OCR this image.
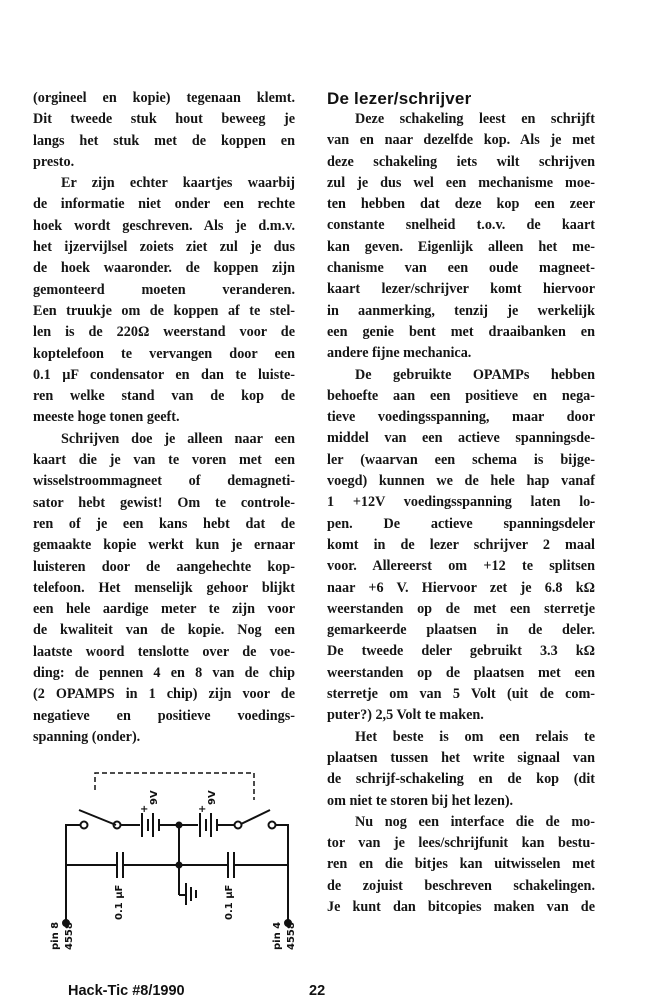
(orgineel en kopie) tegenaan klemt.
Dit tweede stuk hout beweeg je
langs het stuk met de koppen en
presto.
Er zijn echter kaartjes waarbij
de informatie niet onder een rechte
hoek wordt geschreven. Als je d.m.v.
het ijzervijlsel zoiets ziet zul je dus
de hoek waaronder. de koppen zijn
gemonteerd moeten veranderen.
Een truukje om de koppen af te stel-
len is de 220Ω weerstand voor de
koptelefoon te vervangen door een
0.1 µF condensator en dan te luiste-
ren welke stand van de kop de
meeste hoge tonen geeft.
Schrijven doe je alleen naar een
kaart die je van te voren met een
wisselstroommagneet of demagneti-
sator hebt gewist! Om te controle-
ren of je een kans hebt dat de
gemaakte kopie werkt kun je ernaar
luisteren door de aangehechte kop-
telefoon. Het menselijk gehoor blijkt
een hele aardige meter te zijn voor
de kwaliteit van de kopie. Nog een
laatste woord tenslotte over de voe-
ding: de pennen 4 en 8 van de chip
(2 OPAMPS in 1 chip) zijn voor de
negatieve en positieve voedings-
spanning (onder).
De lezer/schrijver
Deze schakeling leest en schrijft
van en naar dezelfde kop. Als je met
deze schakeling iets wilt schrijven
zul je dus wel een mechanisme moe-
ten hebben dat deze kop een zeer
constante snelheid t.o.v. de kaart
kan geven. Eigenlijk alleen het me-
chanisme van een oude magneet-
kaart lezer/schrijver komt hiervoor
in aanmerking, tenzij je werkelijk
een genie bent met draaibanken en
andere fijne mechanica.
De gebruikte OPAMPs hebben
behoefte aan een positieve en nega-
tieve voedingsspanning, maar door
middel van een actieve spanningsde-
ler (waarvan een schema is bijge-
voegd) kunnen we de hele hap vanaf
1 +12V voedingsspanning laten lo-
pen. De actieve spanningsdeler
komt in de lezer schrijver 2 maal
voor. Allereerst om +12 te splitsen
naar +6 V. Hiervoor zet je 6.8 kΩ
weerstanden op de met een sterretje
gemarkeerde plaatsen in de deler.
De tweede deler gebruikt 3.3 kΩ
weerstanden op de plaatsen met een
sterretje om van 5 Volt (uit de com-
puter?) 2,5 Volt te maken.
Het beste is om een relais te
plaatsen tussen het write signaal van
de schrijf-schakeling en de kop (dit
om niet te storen bij het lezen).
Nu nog een interface die de mo-
tor van je lees/schrijfunit kan bestu-
ren en die bitjes kan uitwisselen met
de zojuist beschreven schakelingen.
Je kunt dan bitcopies maken van de
+	+
9V	9V
0.1 µF	0.1 µF
pin 8 4558	pin 4 4558
Hack-Tic #8/1990	22
